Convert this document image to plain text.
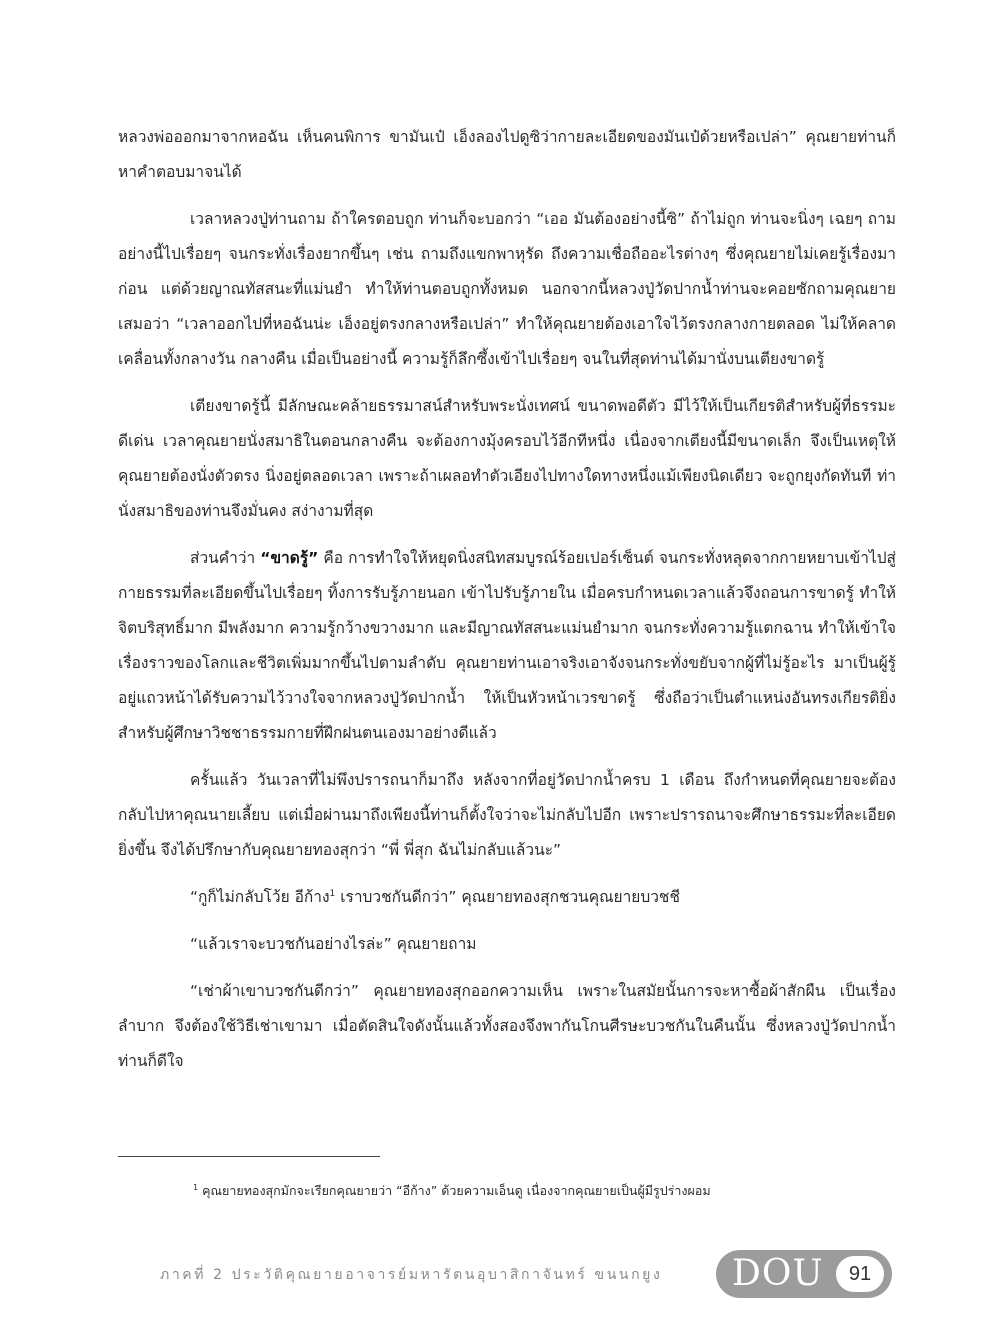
หลวงพ่อออกมาจากหอฉัน เห็นคนพิการ ขามันเป๋ เอ็งลองไปดูซิว่ากายละเอียดของมันเป๋ด้วยหรือเปล่า” คุณยายท่านก็หาคำตอบมาจนได้

เวลาหลวงปู่ท่านถาม ถ้าใครตอบถูก ท่านก็จะบอกว่า “เออ มันต้องอย่างนี้ซิ” ถ้าไม่ถูก ท่านจะนิ่งๆ เฉยๆ ถามอย่างนี้ไปเรื่อยๆ จนกระทั่งเรื่องยากขึ้นๆ เช่น ถามถึงแขกพาหุรัด ถึงความเชื่อถืออะไรต่างๆ ซึ่งคุณยายไม่เคยรู้เรื่องมาก่อน แต่ด้วยญาณทัสสนะที่แม่นยำ ทำให้ท่านตอบถูกทั้งหมด นอกจากนี้หลวงปู่วัดปากน้ำท่านจะคอยซักถามคุณยายเสมอว่า “เวลาออกไปที่หอฉันน่ะ เอ็งอยู่ตรงกลางหรือเปล่า” ทำให้คุณยายต้องเอาใจไว้ตรงกลางกายตลอด ไม่ให้คลาดเคลื่อนทั้งกลางวัน กลางคืน เมื่อเป็นอย่างนี้ ความรู้ก็ลึกซึ้งเข้าไปเรื่อยๆ จนในที่สุดท่านได้มานั่งบนเตียงขาดรู้

เตียงขาดรู้นี้ มีลักษณะคล้ายธรรมาสน์สำหรับพระนั่งเทศน์ ขนาดพอดีตัว มีไว้ให้เป็นเกียรติสำหรับผู้ที่ธรรมะดีเด่น เวลาคุณยายนั่งสมาธิในตอนกลางคืน จะต้องกางมุ้งครอบไว้อีกทีหนึ่ง เนื่องจากเตียงนี้มีขนาดเล็ก จึงเป็นเหตุให้คุณยายต้องนั่งตัวตรง นิ่งอยู่ตลอดเวลา เพราะถ้าเผลอทำตัวเอียงไปทางใดทางหนึ่งแม้เพียงนิดเดียว จะถูกยุงกัดทันที ท่านั่งสมาธิของท่านจึงมั่นคง สง่างามที่สุด

ส่วนคำว่า “ขาดรู้” คือ การทำใจให้หยุดนิ่งสนิทสมบูรณ์ร้อยเปอร์เซ็นต์ จนกระทั่งหลุดจากกายหยาบเข้าไปสู่กายธรรมที่ละเอียดขึ้นไปเรื่อยๆ ทิ้งการรับรู้ภายนอก เข้าไปรับรู้ภายใน เมื่อครบกำหนดเวลาแล้วจึงถอนการขาดรู้ ทำให้จิตบริสุทธิ์มาก มีพลังมาก ความรู้กว้างขวางมาก และมีญาณทัสสนะแม่นยำมาก จนกระทั่งความรู้แตกฉาน ทำให้เข้าใจเรื่องราวของโลกและชีวิตเพิ่มมากขึ้นไปตามลำดับ คุณยายท่านเอาจริงเอาจังจนกระทั่งขยับจากผู้ที่ไม่รู้อะไร มาเป็นผู้รู้อยู่แถวหน้าได้รับความไว้วางใจจากหลวงปู่วัดปากน้ำ ให้เป็นหัวหน้าเวรขาดรู้ ซึ่งถือว่าเป็นตำแหน่งอันทรงเกียรติยิ่งสำหรับผู้ศึกษาวิชชาธรรมกายที่ฝึกฝนตนเองมาอย่างดีแล้ว

ครั้นแล้ว วันเวลาที่ไม่พึงปรารถนาก็มาถึง หลังจากที่อยู่วัดปากน้ำครบ 1 เดือน ถึงกำหนดที่คุณยายจะต้องกลับไปหาคุณนายเลี้ยบ แต่เมื่อผ่านมาถึงเพียงนี้ท่านก็ตั้งใจว่าจะไม่กลับไปอีก เพราะปรารถนาจะศึกษาธรรมะที่ละเอียดยิ่งขึ้น จึงได้ปรึกษากับคุณยายทองสุกว่า “พี่ พี่สุก ฉันไม่กลับแล้วนะ”

“กูก็ไม่กลับโว้ย อีก้าง$^1$ เราบวชกันดีกว่า” คุณยายทองสุกชวนคุณยายบวชชี

“แล้วเราจะบวชกันอย่างไรล่ะ” คุณยายถาม

“เช่าผ้าเขาบวชกันดีกว่า” คุณยายทองสุกออกความเห็น เพราะในสมัยนั้นการจะหาซื้อผ้าสักผืน เป็นเรื่องลำบาก จึงต้องใช้วิธีเช่าเขามา เมื่อตัดสินใจดังนั้นแล้วทั้งสองจึงพากันโกนศีรษะบวชกันในคืนนั้น ซึ่งหลวงปู่วัดปากน้ำท่านก็ดีใจ

$^1$ คุณยายทองสุกมักจะเรียกคุณยายว่า “อีก้าง” ด้วยความเอ็นดู เนื่องจากคุณยายเป็นผู้มีรูปร่างผอม
ภาคที่ 2 ประวัติคุณยายอาจารย์มหารัตนอุบาสิกาจันทร์ ขนนกยูง DOU	91
